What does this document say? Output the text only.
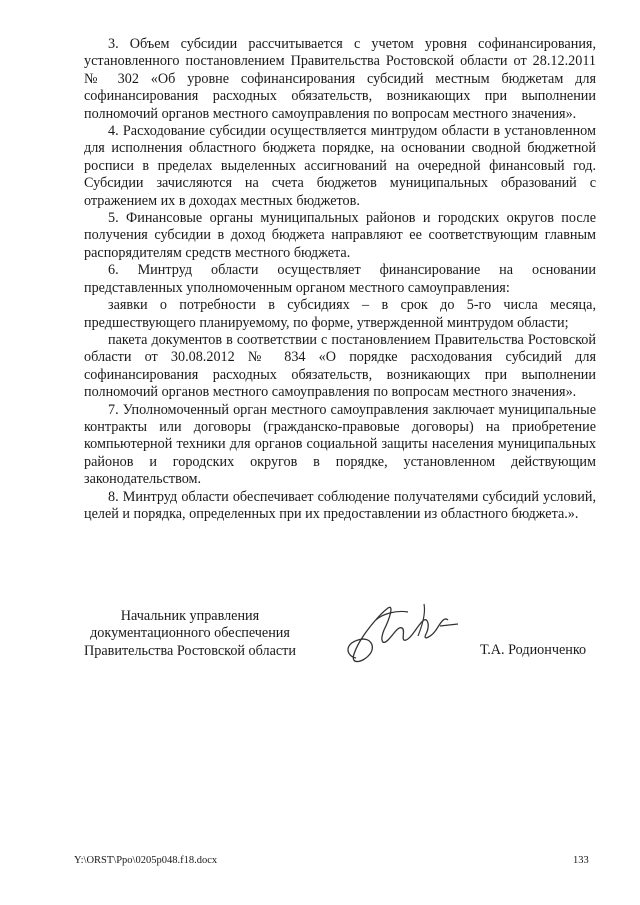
3. Объем субсидии рассчитывается с учетом уровня софинансирования, установленного постановлением Правительства Ростовской области от 28.12.2011 № 302 «Об уровне софинансирования субсидий местным бюджетам для софинансирования расходных обязательств, возникающих при выполнении полномочий органов местного самоуправления по вопросам местного значения».

4. Расходование субсидии осуществляется минтрудом области в установленном для исполнения областного бюджета порядке, на основании сводной бюджетной росписи в пределах выделенных ассигнований на очередной финансовый год. Субсидии зачисляются на счета бюджетов муниципальных образований с отражением их в доходах местных бюджетов.

5. Финансовые органы муниципальных районов и городских округов после получения субсидии в доход бюджета направляют ее соответствующим главным распорядителям средств местного бюджета.

6. Минтруд области осуществляет финансирование на основании представленных уполномоченным органом местного самоуправления:

заявки о потребности в субсидиях – в срок до 5-го числа месяца, предшествующего планируемому, по форме, утвержденной минтрудом области;

пакета документов в соответствии с постановлением Правительства Ростовской области от 30.08.2012 № 834 «О порядке расходования субсидий для софинансирования расходных обязательств, возникающих при выполнении полномочий органов местного самоуправления по вопросам местного значения».

7. Уполномоченный орган местного самоуправления заключает муниципальные контракты или договоры (гражданско-правовые договоры) на приобретение компьютерной техники для органов социальной защиты населения муниципальных районов и городских округов в порядке, установленном действующим законодательством.

8. Минтруд области обеспечивает соблюдение получателями субсидий условий, целей и порядка, определенных при их предоставлении из областного бюджета.».

Начальник управления
документационного обеспечения
Правительства Ростовской области	Т.А. Родионченко
Y:\ORST\Ppo\0205p048.f18.docx	133
